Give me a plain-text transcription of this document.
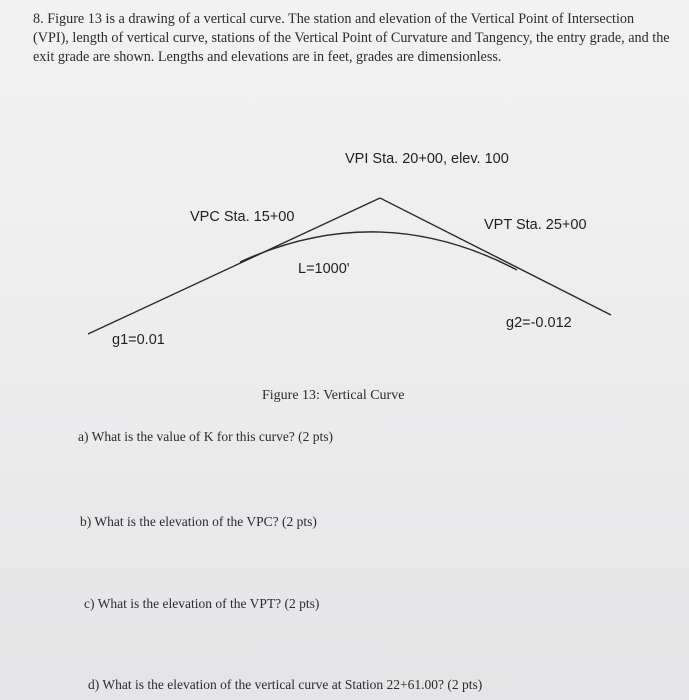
8. Figure 13 is a drawing of a vertical curve. The station and elevation of the Vertical Point of Intersection (VPI), length of vertical curve, stations of the Vertical Point of Curvature and Tangency, the entry grade, and the exit grade are shown. Lengths and elevations are in feet, grades are dimensionless.

VPI Sta. 20+00, elev. 100
VPC Sta. 15+00	VPT Sta. 25+00
L=1000'
g1=0.01
g2=-0.012

Figure 13: Vertical Curve

a) What is the value of K for this curve? (2 pts)

b) What is the elevation of the VPC? (2 pts)

c) What is the elevation of the VPT? (2 pts)

d) What is the elevation of the vertical curve at Station 22+61.00? (2 pts)
